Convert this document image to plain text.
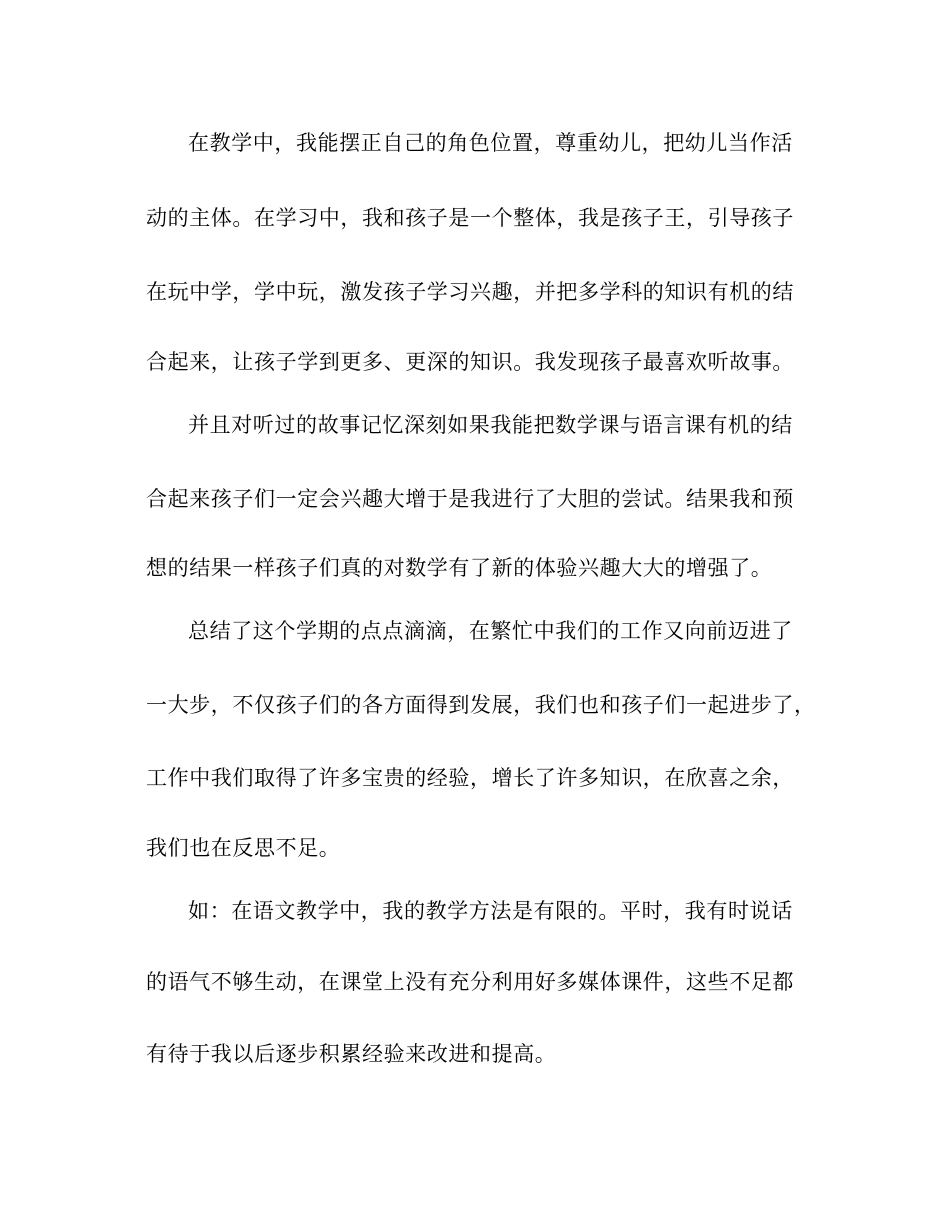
在教学中，我能摆正自己的角色位置，尊重幼儿，把幼儿当作活
动的主体。在学习中，我和孩子是一个整体，我是孩子王，引导孩子
在玩中学，学中玩，激发孩子学习兴趣，并把多学科的知识有机的结
合起来，让孩子学到更多、更深的知识。我发现孩子最喜欢听故事。
并且对听过的故事记忆深刻如果我能把数学课与语言课有机的结
合起来孩子们一定会兴趣大增于是我进行了大胆的尝试。结果我和预
想的结果一样孩子们真的对数学有了新的体验兴趣大大的增强了。
总结了这个学期的点点滴滴，在繁忙中我们的工作又向前迈进了
一大步，不仅孩子们的各方面得到发展，我们也和孩子们一起进步了，
工作中我们取得了许多宝贵的经验，增长了许多知识，在欣喜之余，
我们也在反思不足。
如：在语文教学中，我的教学方法是有限的。平时，我有时说话
的语气不够生动，在课堂上没有充分利用好多媒体课件，这些不足都
有待于我以后逐步积累经验来改进和提高。
